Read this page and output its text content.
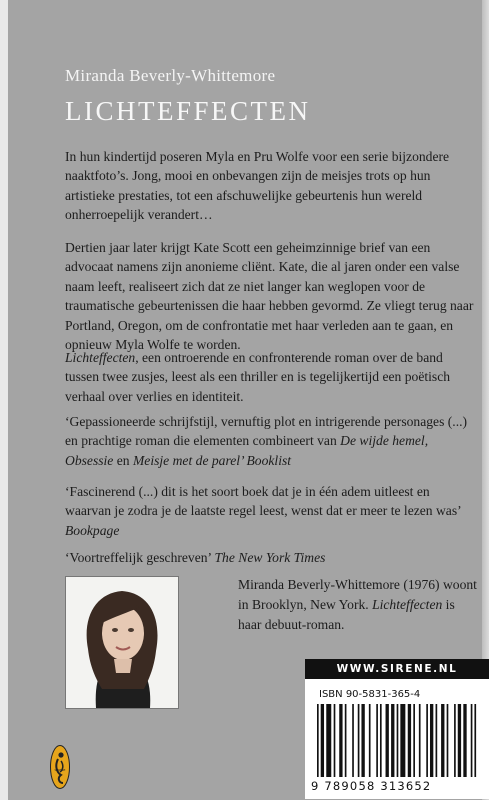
Miranda Beverly-Whittemore
LICHTEFFECTEN

In hun kindertijd poseren Myla en Pru Wolfe voor een serie bijzondere naaktfoto’s. Jong, mooi en onbevangen zijn de meisjes trots op hun artistieke prestaties, tot een afschuwelijke gebeurtenis hun wereld onherroepelijk verandert…

Dertien jaar later krijgt Kate Scott een geheimzinnige brief van een advocaat namens zijn anonieme cliënt. Kate, die al jaren onder een valse naam leeft, realiseert zich dat ze niet langer kan weglopen voor de traumatische gebeurtenissen die haar hebben gevormd. Ze vliegt terug naar Portland, Oregon, om de confrontatie met haar verleden aan te gaan, en opnieuw Myla Wolfe te worden.

Lichteffecten, een ontroerende en confronterende roman over de band tussen twee zusjes, leest als een thriller en is tegelijkertijd een poëtisch verhaal over verlies en identiteit.

‘Gepassioneerde schrijfstijl, vernuftig plot en intrigerende personages (...) en prachtige roman die elementen combineert van De wijde hemel, Obsessie en Meisje met de parel’ Booklist

‘Fascinerend (...) dit is het soort boek dat je in één adem uitleest en waarvan je zodra je de laatste regel leest, wenst dat er meer te lezen was’ Bookpage

‘Voortreffelijk geschreven’ The New York Times

Miranda Beverly-Whittemore (1976) woont in Brooklyn, New York. Lichteffecten is haar debuut-roman.

SIRENE
WWW.SIRENE.NL
ISBN 90-5831-365-4
9 789058 313652
